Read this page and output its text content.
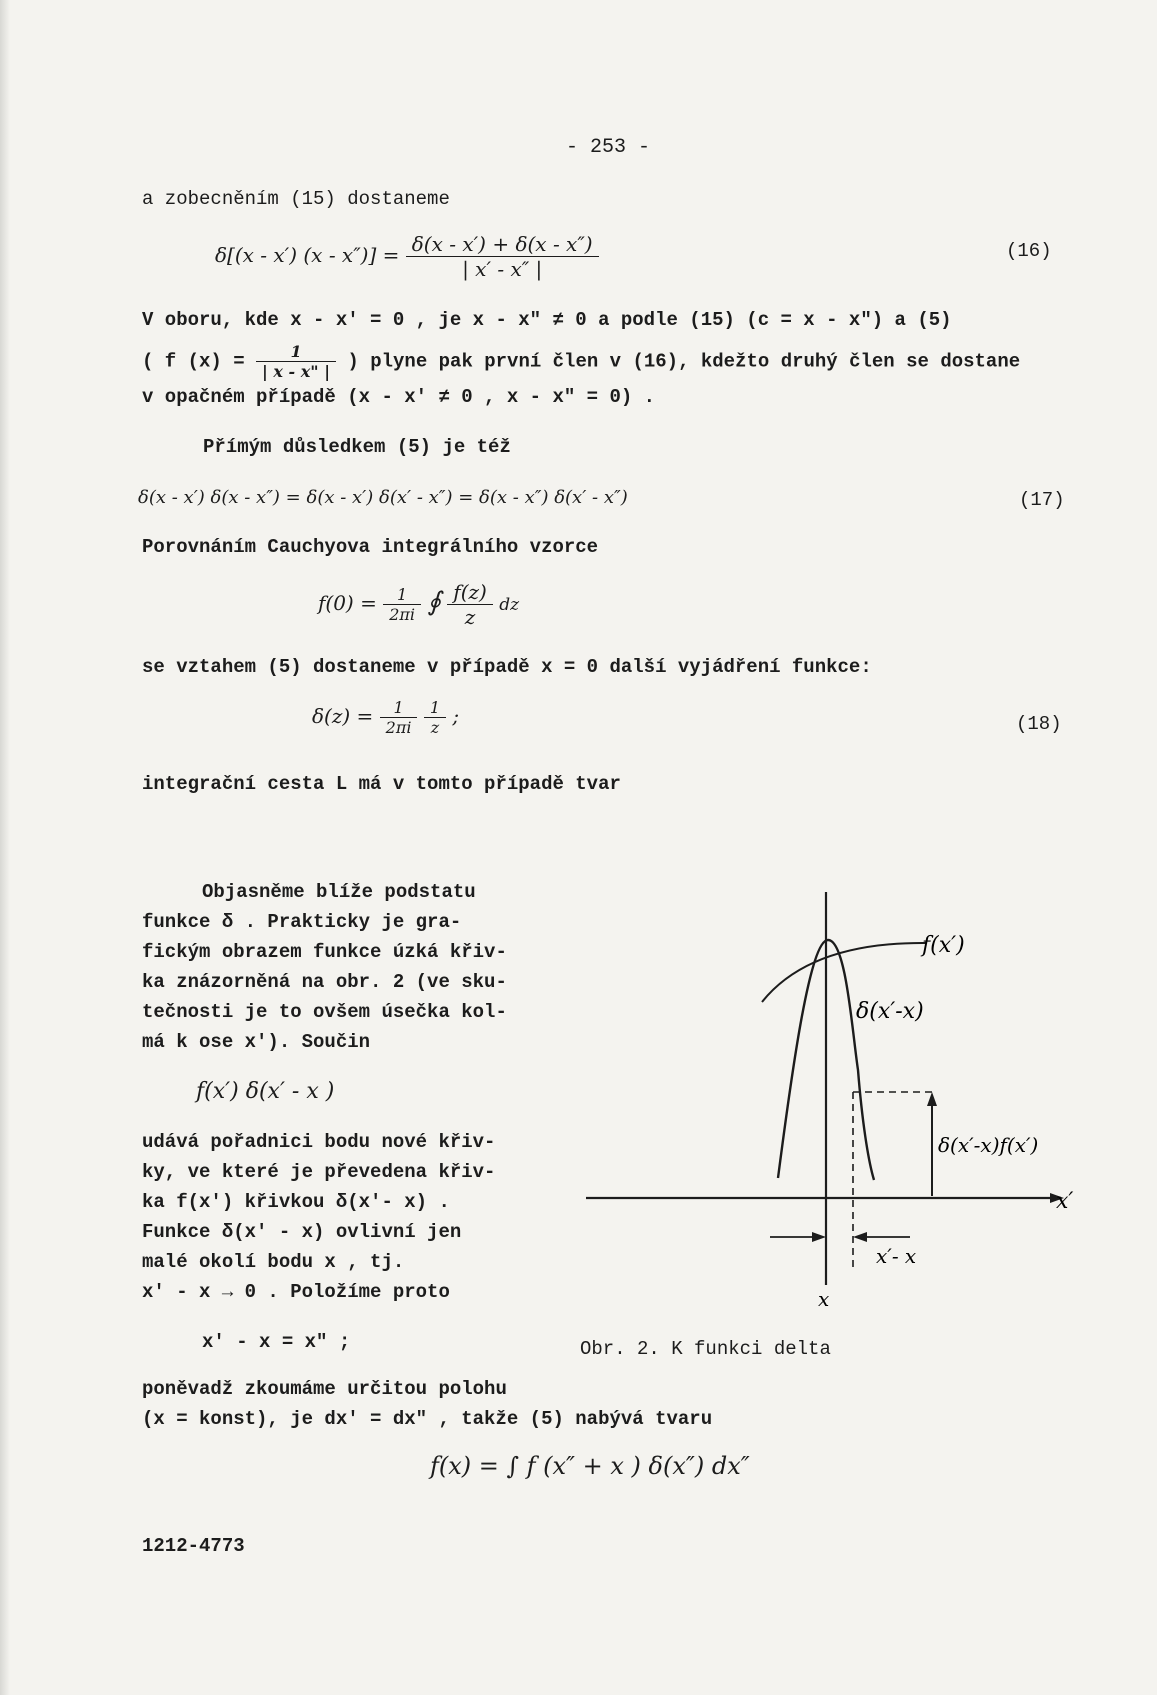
- 253 -
a zobecněním (15) dostaneme
δ[(x - x′) $(x - x'')] = \frac{\delta(x - x') + \delta(x - x'')}{| x' - x'' |}$	(16)
V oboru, kde x - x′ = 0 , je x - x" ≠ 0 a podle (15) (c = x - x") a (5)
( f $(x) = \frac{1}{| x - x" |}$ ) plyne pak první člen v (16), kdežto druhý člen se dostane
v opačném případě (x - x′ ≠ 0 , x - x" = 0) .
Přímým důsledkem (5) je též
δ(x - x′) δ(x - x″) = δ(x - x′) δ(x′ - x″) = δ(x - x″) δ(x′ - x″)	(17)
Porovnáním Cauchyova integrálního vzorce
$f(0) = \frac{1}{2\pi i}$ ∮ $\frac{f(z)}{z}$ dz
se vztahem (5) dostaneme v případě x = 0 další vyjádření funkce:
$\delta(z) = \frac{1}{2\pi i}$
$\frac{1}{z}$ ;	(18)
integrační cesta L má v tomto případě tvar
Objasněme blíže podstatu
funkce δ . Prakticky je gra-
fickým obrazem funkce úzká křiv-
ka znázorněná na obr. 2 (ve sku-
tečnosti je to ovšem úsečka kol-
má k ose x′). Součin
f(x′) δ(x′ - x )
udává pořadnici bodu nové křiv-
ky, ve které je převedena křiv-
ka f(x′) křivkou δ(x′- x) .
Funkce δ(x′ - x) ovlivní jen
malé okolí bodu x , tj.
x′ - x → 0 . Položíme proto
x′ - x = x" ;
f(x′)
δ(x′-x)
δ(x′-x)f(x′)
x′
x′- x
x
Obr. 2. K funkci delta
poněvadž zkoumáme určitou polohu
(x = konst), je dx′ = dx" , takže (5) nabývá tvaru
f(x) = ∫ f (x″ + x ) δ(x″) dx″
1212-4773
